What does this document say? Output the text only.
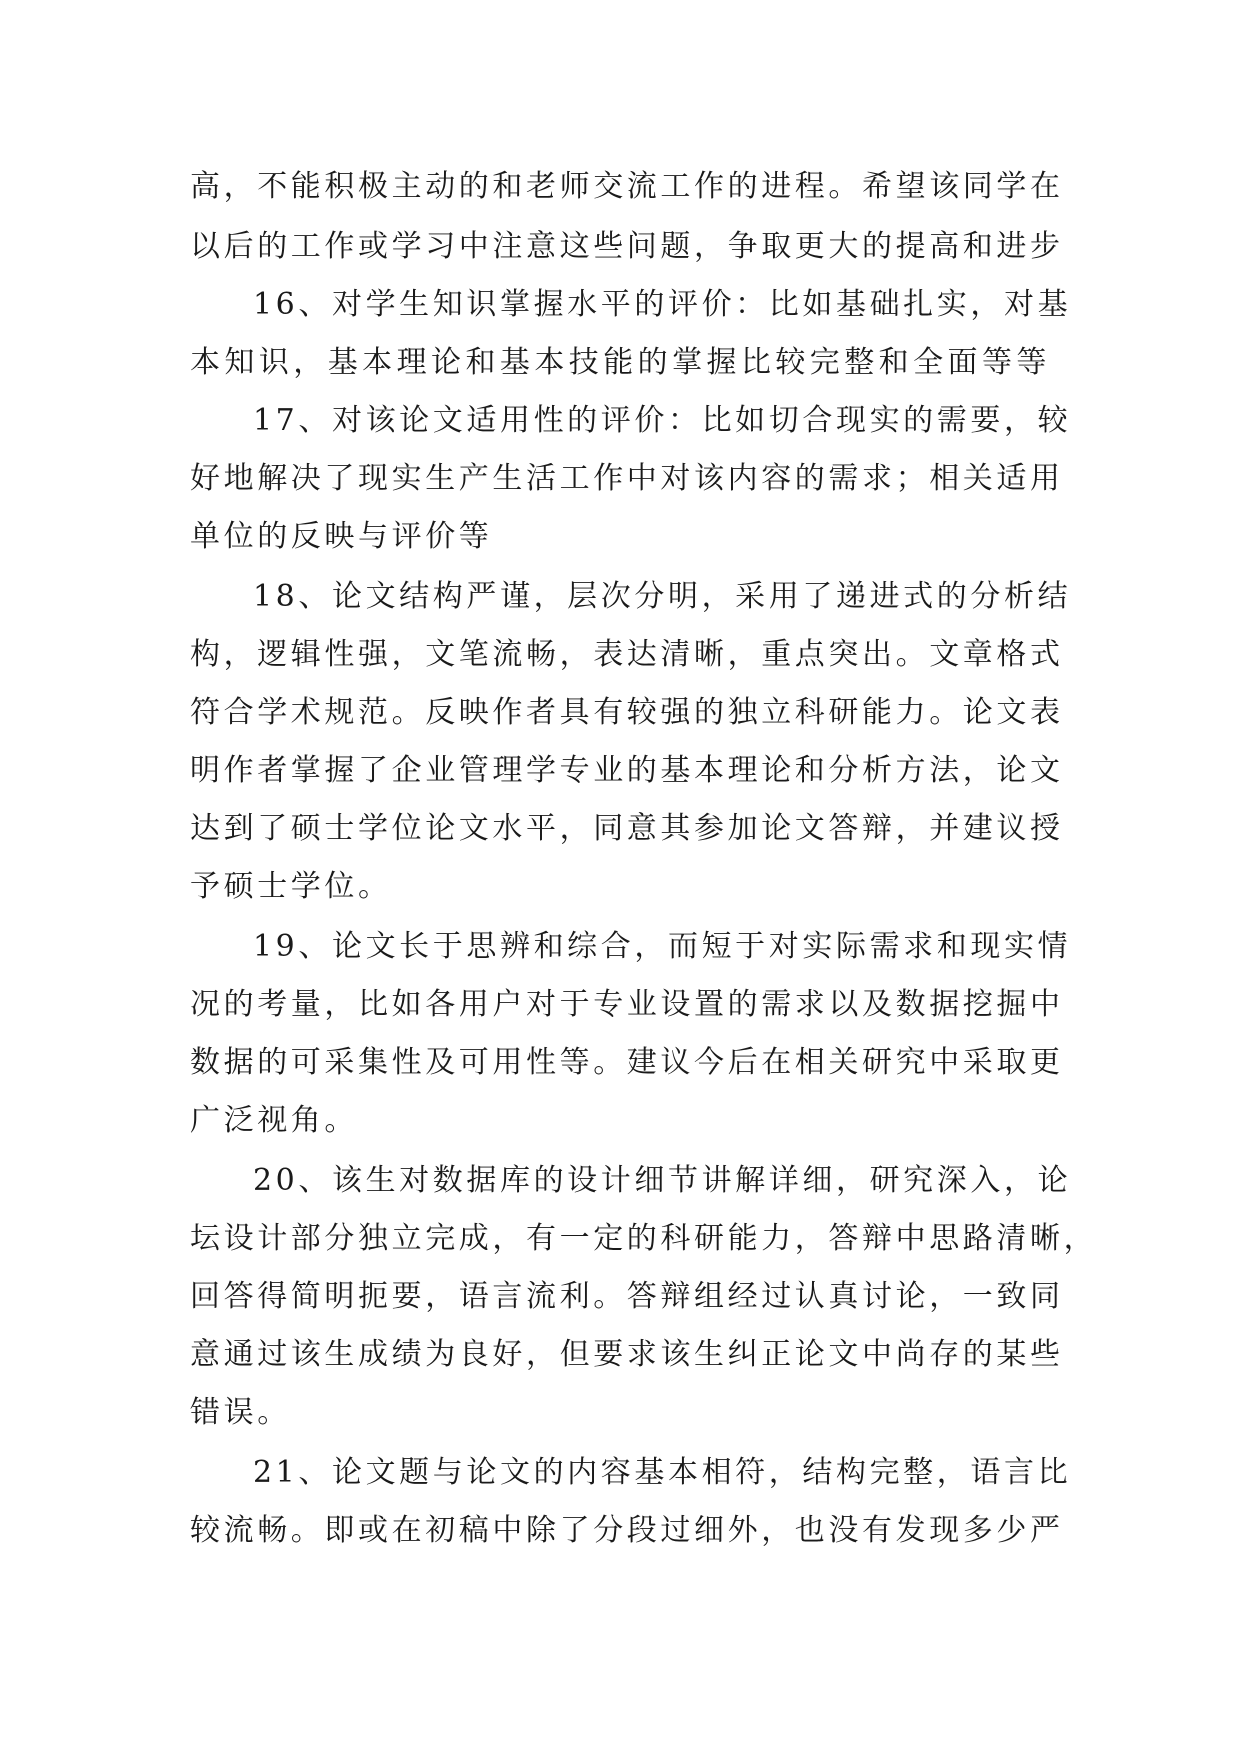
高，不能积极主动的和老师交流工作的进程。希望该同学在
以后的工作或学习中注意这些问题，争取更大的提高和进步
16、对学生知识掌握水平的评价：比如基础扎实，对基
本知识，基本理论和基本技能的掌握比较完整和全面等等
17、对该论文适用性的评价：比如切合现实的需要，较
好地解决了现实生产生活工作中对该内容的需求；相关适用
单位的反映与评价等
18、论文结构严谨，层次分明，采用了递进式的分析结
构，逻辑性强，文笔流畅，表达清晰，重点突出。文章格式
符合学术规范。反映作者具有较强的独立科研能力。论文表
明作者掌握了企业管理学专业的基本理论和分析方法，论文
达到了硕士学位论文水平，同意其参加论文答辩，并建议授
予硕士学位。
19、论文长于思辨和综合，而短于对实际需求和现实情
况的考量，比如各用户对于专业设置的需求以及数据挖掘中
数据的可采集性及可用性等。建议今后在相关研究中采取更
广泛视角。
20、该生对数据库的设计细节讲解详细，研究深入，论
坛设计部分独立完成，有一定的科研能力，答辩中思路清晰，
回答得简明扼要，语言流利。答辩组经过认真讨论，一致同
意通过该生成绩为良好，但要求该生纠正论文中尚存的某些
错误。
21、论文题与论文的内容基本相符，结构完整，语言比
较流畅。即或在初稿中除了分段过细外，也没有发现多少严
